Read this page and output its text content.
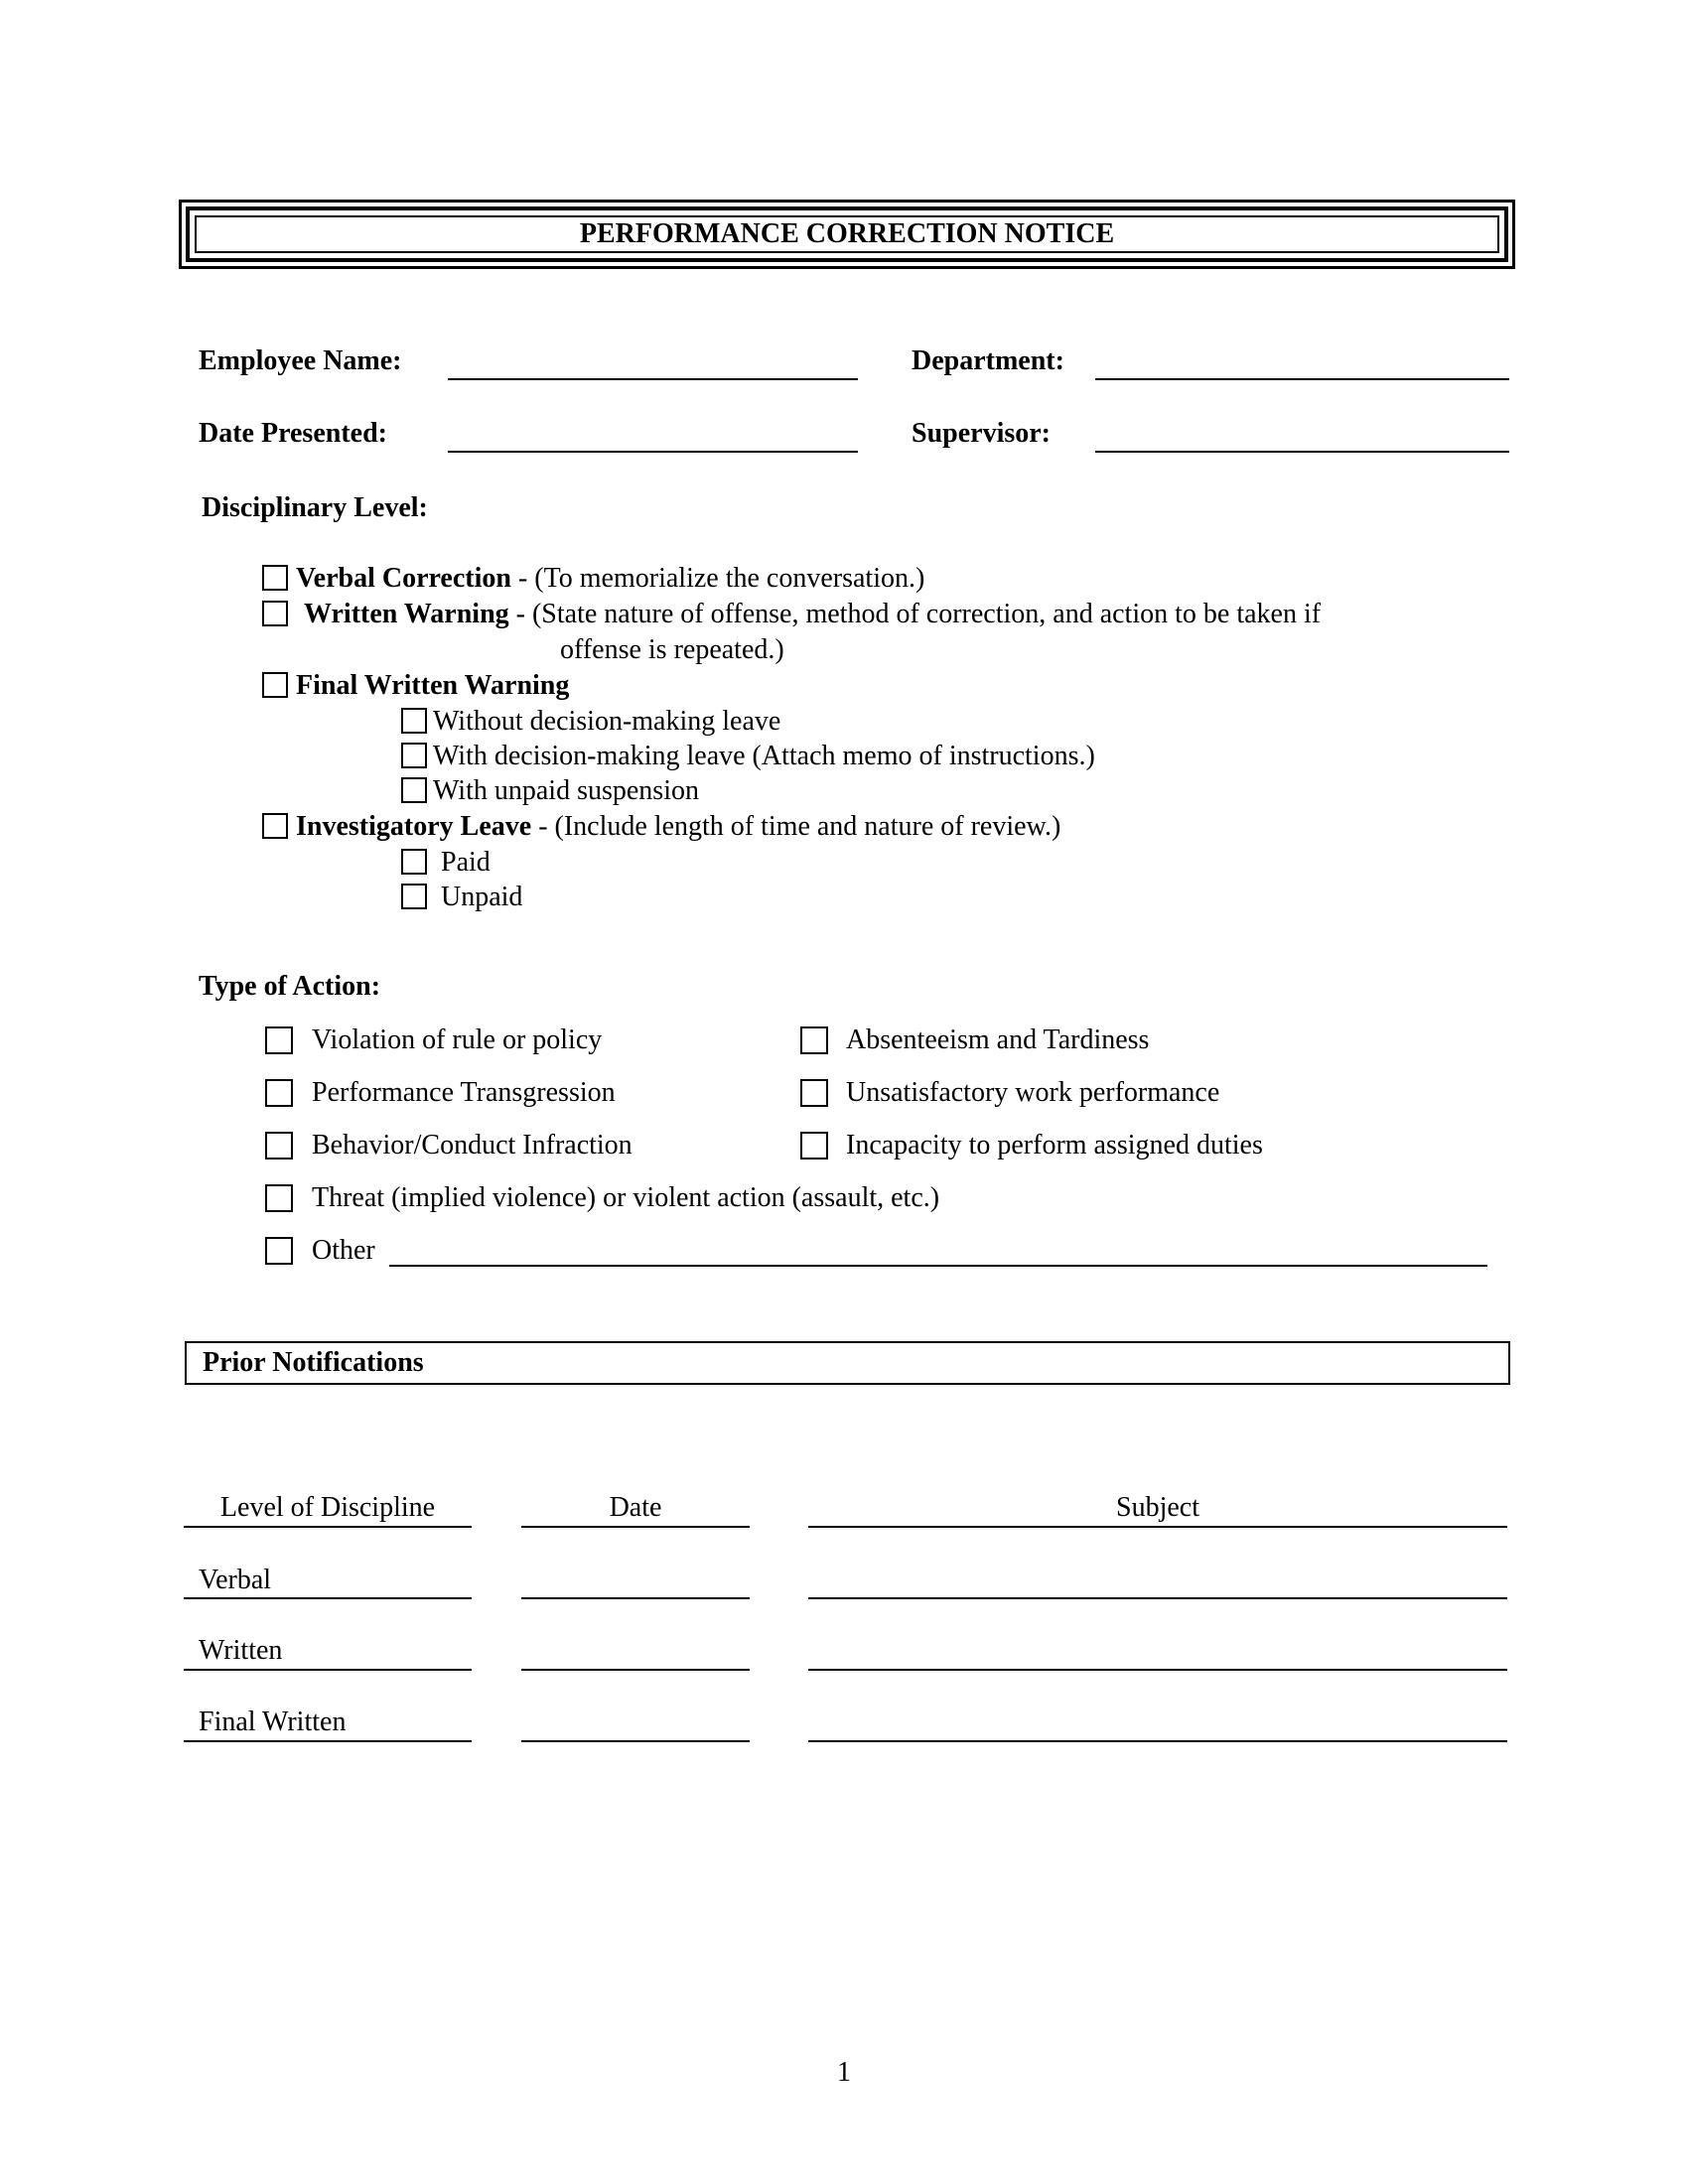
PERFORMANCE CORRECTION NOTICE
Employee Name:	Department:
Date Presented:	Supervisor:
Disciplinary Level:
Verbal Correction - (To memorialize the conversation.)
Written Warning - (State nature of offense, method of correction, and action to be taken if
offense is repeated.)
Final Written Warning
Without decision-making leave
With decision-making leave (Attach memo of instructions.)
With unpaid suspension
Investigatory Leave - (Include length of time and nature of review.)
Paid
Unpaid
Type of Action:
Violation of rule or policy	Absenteeism and Tardiness
Performance Transgression	Unsatisfactory work performance
Behavior/Conduct Infraction	Incapacity to perform assigned duties
Threat (implied violence) or violent action (assault, etc.)
Other
Prior Notifications
Level of Discipline	Date	Subject
Verbal
Written
Final Written
1
